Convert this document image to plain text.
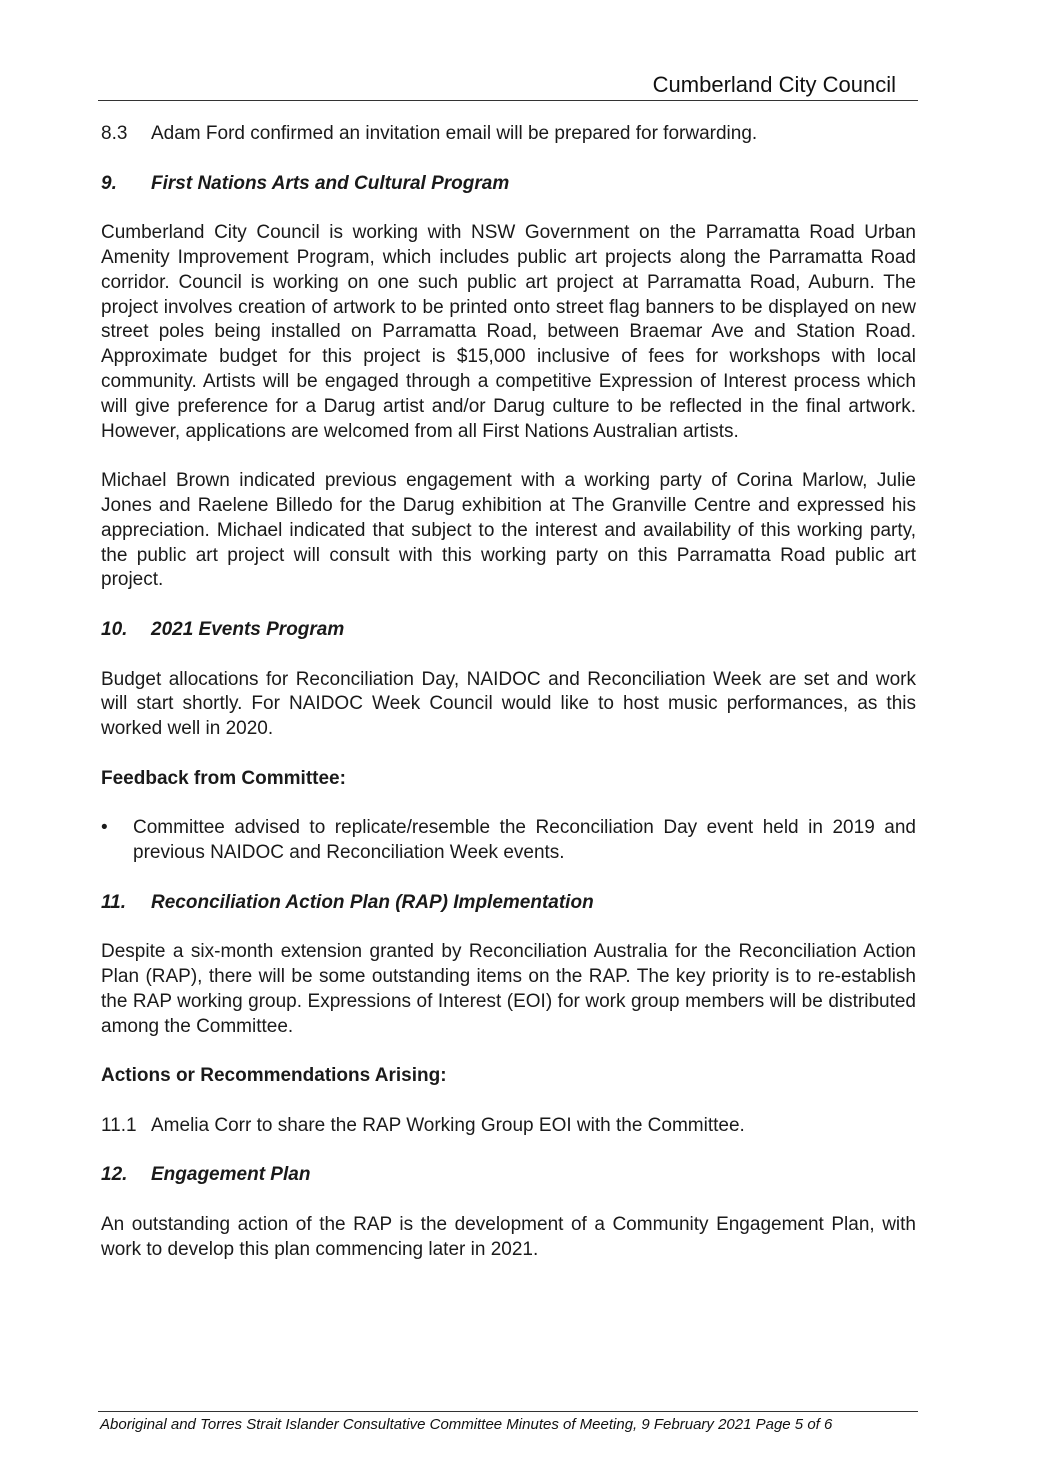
Cumberland City Council
8.3	Adam Ford confirmed an invitation email will be prepared for forwarding.
9.	First Nations Arts and Cultural Program

Cumberland City Council is working with NSW Government on the Parramatta Road Urban Amenity Improvement Program, which includes public art projects along the Parramatta Road corridor. Council is working on one such public art project at Parramatta Road, Auburn. The project involves creation of artwork to be printed onto street flag banners to be displayed on new street poles being installed on Parramatta Road, between Braemar Ave and Station Road. Approximate budget for this project is $15,000 inclusive of fees for workshops with local community. Artists will be engaged through a competitive Expression of Interest process which will give preference for a Darug artist and/or Darug culture to be reflected in the final artwork. However, applications are welcomed from all First Nations Australian artists.

Michael Brown indicated previous engagement with a working party of Corina Marlow, Julie Jones and Raelene Billedo for the Darug exhibition at The Granville Centre and expressed his appreciation. Michael indicated that subject to the interest and availability of this working party, the public art project will consult with this working party on this Parramatta Road public art project.

10.	2021 Events Program

Budget allocations for Reconciliation Day, NAIDOC and Reconciliation Week are set and work will start shortly. For NAIDOC Week Council would like to host music performances, as this worked well in 2020.

Feedback from Committee:

•	Committee advised to replicate/resemble the Reconciliation Day event held in 2019 and previous NAIDOC and Reconciliation Week events.
11.	Reconciliation Action Plan (RAP) Implementation

Despite a six-month extension granted by Reconciliation Australia for the Reconciliation Action Plan (RAP), there will be some outstanding items on the RAP. The key priority is to re-establish the RAP working group. Expressions of Interest (EOI) for work group members will be distributed among the Committee.

Actions or Recommendations Arising:

11.1 Amelia Corr to share the RAP Working Group EOI with the Committee.
12.	Engagement Plan

An outstanding action of the RAP is the development of a Community Engagement Plan, with work to develop this plan commencing later in 2021.

Aboriginal and Torres Strait Islander Consultative Committee Minutes of Meeting, 9 February 2021 Page 5 of 6
